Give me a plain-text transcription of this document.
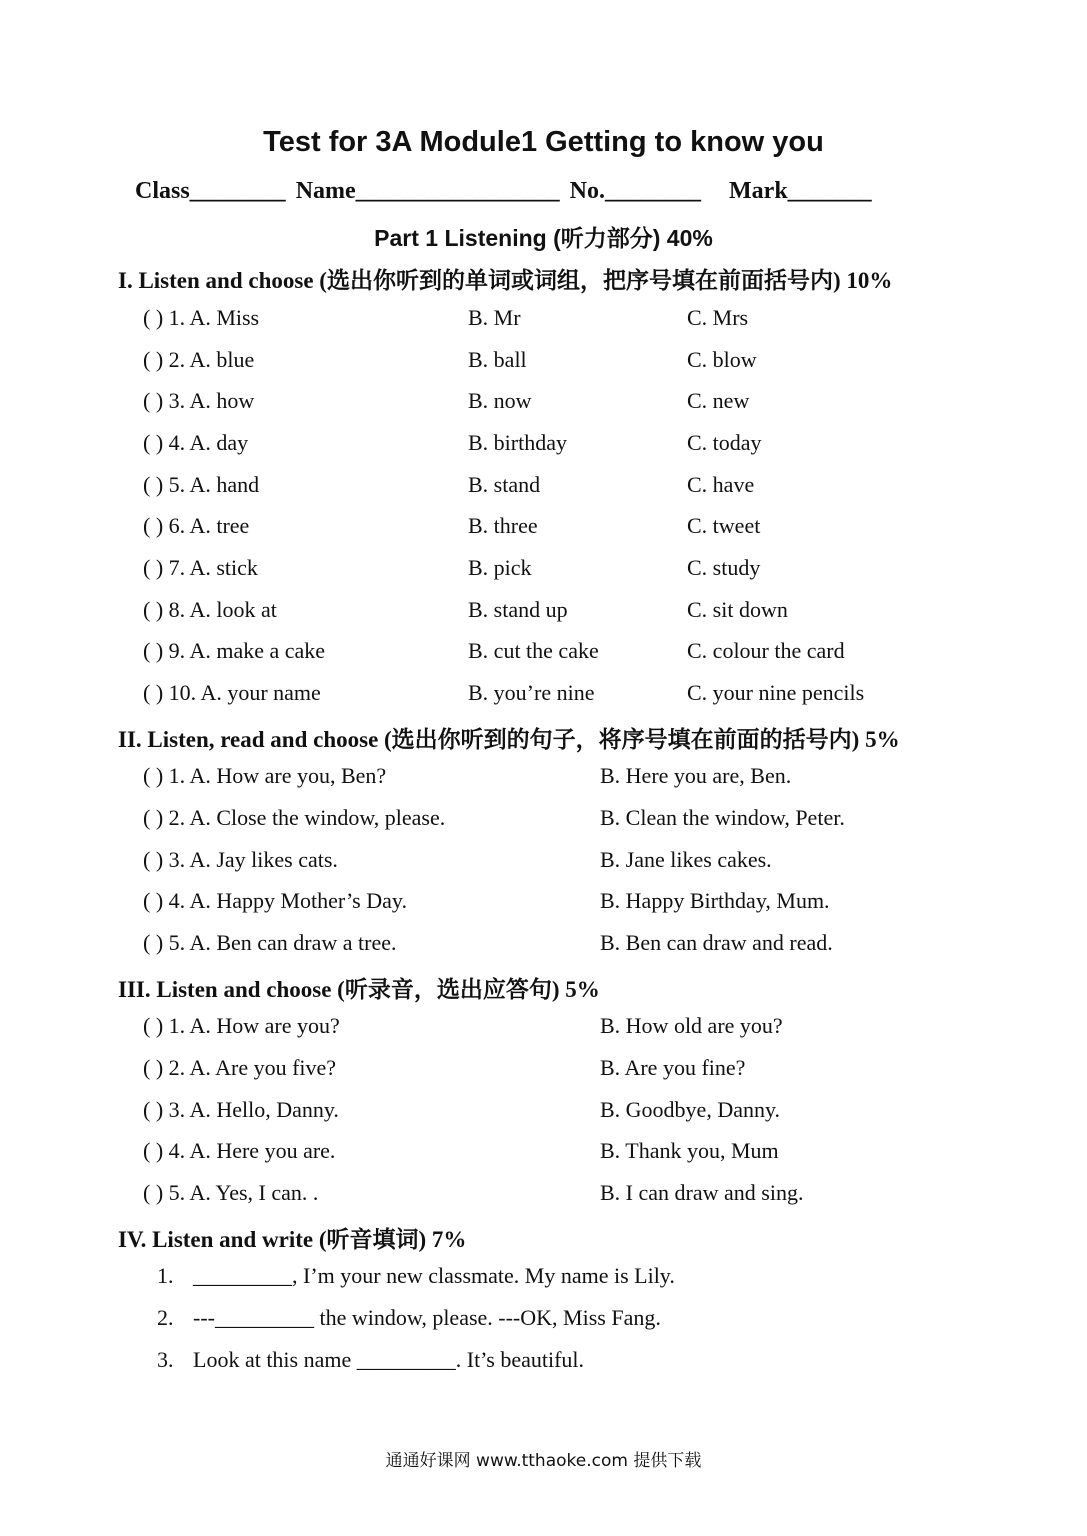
Test for 3A Module1 Getting to know you
Class________ Name_________________ No.________ Mark_______
Part 1 Listening (听力部分) 40%
I. Listen and choose (选出你听到的单词或词组，把序号填在前面括号内) 10%
( ) 1. A. Miss	B. Mr	C. Mrs
( ) 2. A. blue	B. ball	C. blow
( ) 3. A. how	B. now	C. new
( ) 4. A. day	B. birthday	C. today
( ) 5. A. hand	B. stand	C. have
( ) 6. A. tree	B. three	C. tweet
( ) 7. A. stick	B. pick	C. study
( ) 8. A. look at	B. stand up	C. sit down
( ) 9. A. make a cake	B. cut the cake	C. colour the card
( ) 10. A. your name	B. you’re nine	C. your nine pencils
II. Listen, read and choose (选出你听到的句子，将序号填在前面的括号内) 5%
( ) 1. A. How are you, Ben?	B. Here you are, Ben.
( ) 2. A. Close the window, please.	B. Clean the window, Peter.
( ) 3. A. Jay likes cats.	B. Jane likes cakes.
( ) 4. A. Happy Mother’s Day.	B. Happy Birthday, Mum.
( ) 5. A. Ben can draw a tree.	B. Ben can draw and read.
III. Listen and choose (听录音，选出应答句) 5%
( ) 1. A. How are you?	B. How old are you?
( ) 2. A. Are you five?	B. Are you fine?
( ) 3. A. Hello, Danny.	B. Goodbye, Danny.
( ) 4. A. Here you are.	B. Thank you, Mum
( ) 5. A. Yes, I can. .	B. I can draw and sing.
IV. Listen and write (听音填词) 7%
1. _________, I’m your new classmate. My name is Lily.
2. ---_________ the window, please. ---OK, Miss Fang.
3. Look at this name _________. It’s beautiful.
通通好课网 www.tthaoke.com 提供下载
